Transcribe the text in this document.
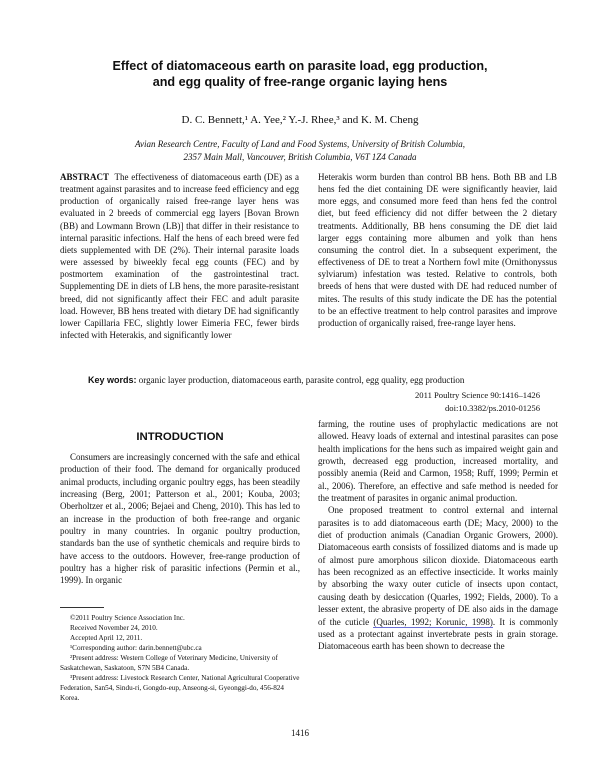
Effect of diatomaceous earth on parasite load, egg production,
and egg quality of free-range organic laying hens
D. C. Bennett,¹ A. Yee,² Y.-J. Rhee,³ and K. M. Cheng
Avian Research Centre, Faculty of Land and Food Systems, University of British Columbia,
2357 Main Mall, Vancouver, British Columbia, V6T 1Z4 Canada

ABSTRACT The effectiveness of diatomaceous earth (DE) as a treatment against parasites and to increase feed efficiency and egg production of organically raised free-range layer hens was evaluated in 2 breeds of commercial egg layers [Bovan Brown (BB) and Lowmann Brown (LB)] that differ in their resistance to internal parasitic infections. Half the hens of each breed were fed diets supplemented with DE (2%). Their internal parasite loads were assessed by biweekly fecal egg counts (FEC) and by postmortem examination of the gastrointestinal tract. Supplementing DE in diets of LB hens, the more parasite-resistant breed, did not significantly affect their FEC and adult parasite load. However, BB hens treated with dietary DE had significantly lower Capillaria FEC, slightly lower Eimeria FEC, fewer birds infected with Heterakis, and significantly lower

Heterakis worm burden than control BB hens. Both BB and LB hens fed the diet containing DE were significantly heavier, laid more eggs, and consumed more feed than hens fed the control diet, but feed efficiency did not differ between the 2 dietary treatments. Additionally, BB hens consuming the DE diet laid larger eggs containing more albumen and yolk than hens consuming the control diet. In a subsequent experiment, the effectiveness of DE to treat a Northern fowl mite (Ornithonyssus sylviarum) infestation was tested. Relative to controls, both breeds of hens that were dusted with DE had reduced number of mites. The results of this study indicate the DE has the potential to be an effective treatment to help control parasites and improve production of organically raised, free-range layer hens.

Key words: organic layer production, diatomaceous earth, parasite control, egg quality, egg production
2011 Poultry Science 90:1416–1426
doi:10.3382/ps.2010-01256
INTRODUCTION

Consumers are increasingly concerned with the safe and ethical production of their food. The demand for organically produced animal products, including organic poultry eggs, has been steadily increasing (Berg, 2001; Patterson et al., 2001; Kouba, 2003; Oberholtzer et al., 2006; Bejaei and Cheng, 2010). This has led to an increase in the production of both free-range and organic poultry in many countries. In organic poultry production, standards ban the use of synthetic chemicals and require birds to have access to the outdoors. However, free-range production of poultry has a higher risk of parasitic infections (Permin et al., 1999). In organic

farming, the routine uses of prophylactic medications are not allowed. Heavy loads of external and intestinal parasites can pose health implications for the hens such as impaired weight gain and growth, decreased egg production, increased mortality, and possibly anemia (Reid and Carmon, 1958; Ruff, 1999; Permin et al., 2006). Therefore, an effective and safe method is needed for the treatment of parasites in organic animal production.

One proposed treatment to control external and internal parasites is to add diatomaceous earth (DE; Macy, 2000) to the diet of production animals (Canadian Organic Growers, 2000). Diatomaceous earth consists of fossilized diatoms and is made up of almost pure amorphous silicon dioxide. Diatomaceous earth has been recognized as an effective insecticide. It works mainly by absorbing the waxy outer cuticle of insects upon contact, causing death by desiccation (Quarles, 1992; Fields, 2000). To a lesser extent, the abrasive property of DE also aids in the damage of the cuticle (Quarles, 1992; Korunic, 1998). It is commonly used as a protectant against invertebrate pests in grain storage. Diatomaceous earth has been shown to decrease the

©2011 Poultry Science Association Inc.
Received November 24, 2010.
Accepted April 12, 2011.
¹Corresponding author: darin.bennett@ubc.ca
²Present address: Western College of Veterinary Medicine, University of Saskatchewan, Saskatoon, S7N 5B4 Canada.
³Present address: Livestock Research Center, National Agricultural Cooperative Federation, San54, Sindu-ri, Gongdo-eup, Anseong-si, Gyeonggi-do, 456-824 Korea.
1416
